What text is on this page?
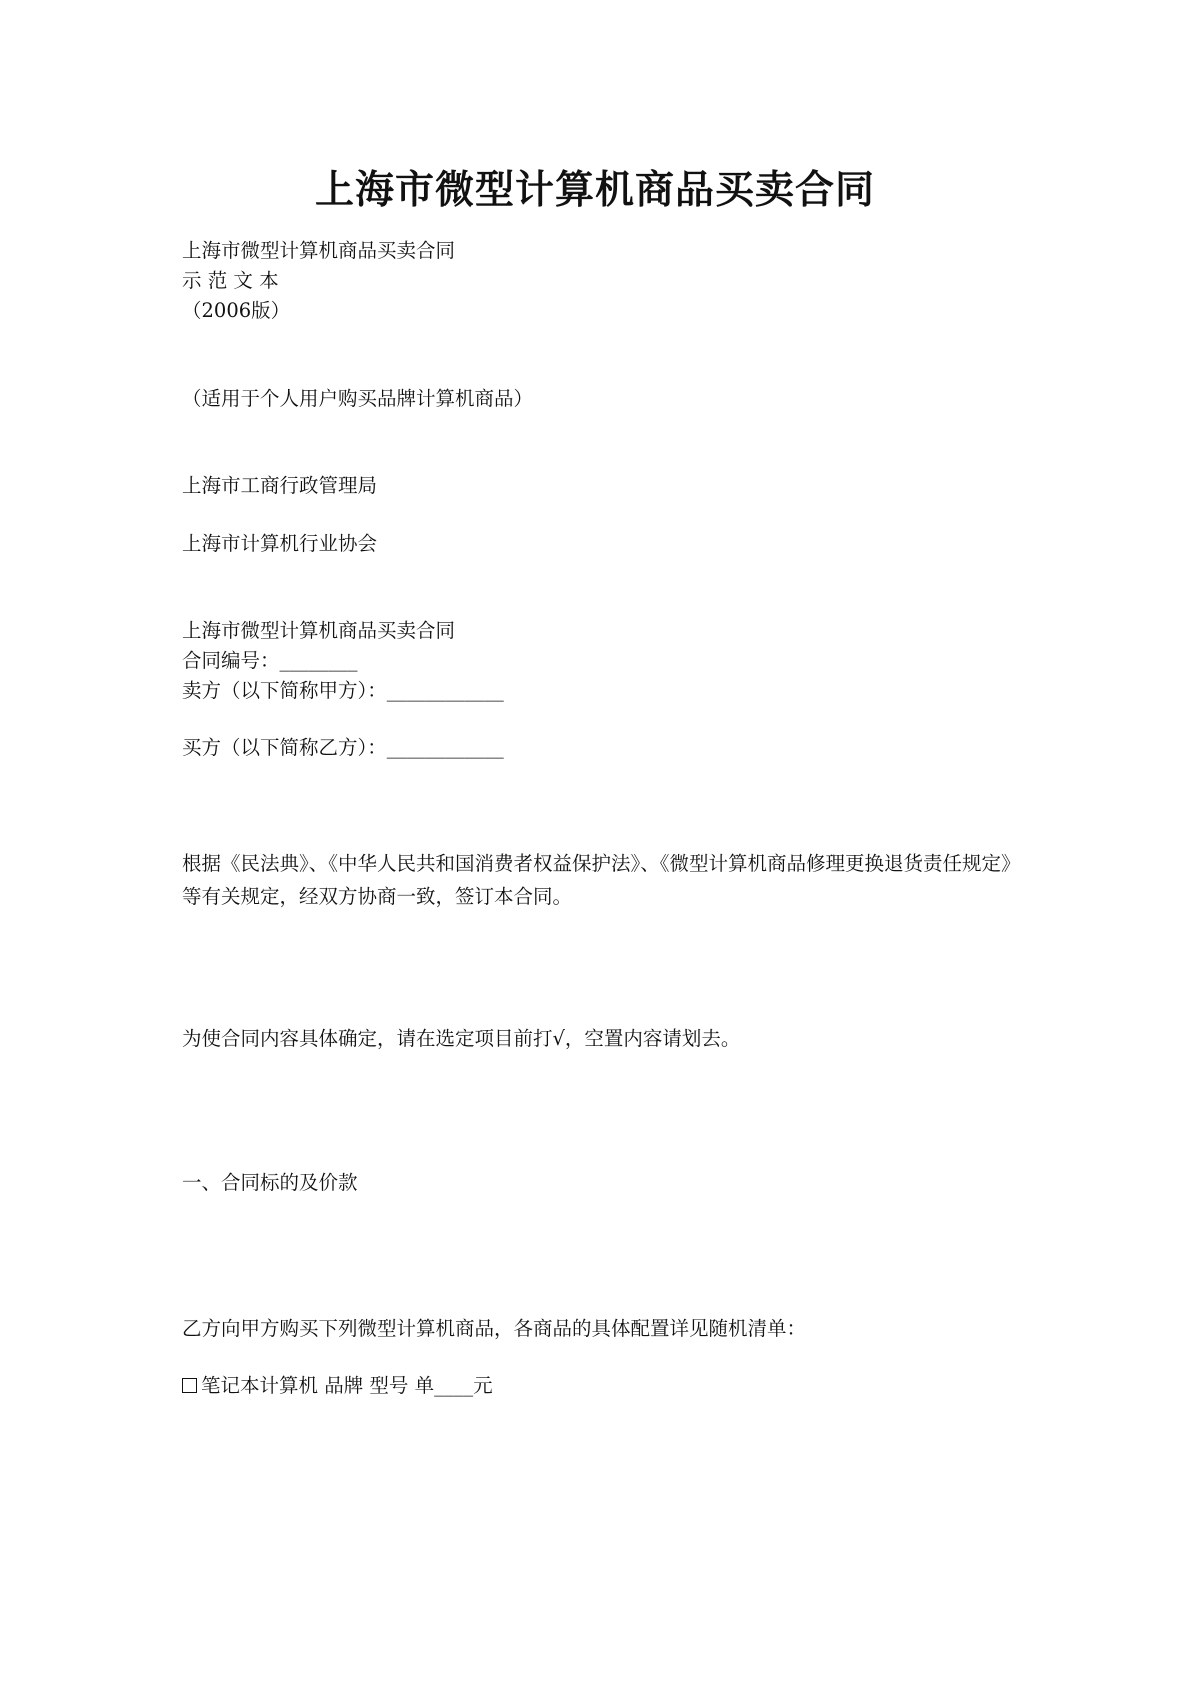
上海市微型计算机商品买卖合同

上海市微型计算机商品买卖合同

示 范 文 本

（2006版）

（适用于个人用户购买品牌计算机商品）

上海市工商行政管理局

上海市计算机行业协会

上海市微型计算机商品买卖合同

合同编号：________

卖方（以下简称甲方）：____________

买方（以下简称乙方）：____________

根据《民法典》、《中华人民共和国消费者权益保护法》、《微型计算机商品修理更换退货责任规定》等有关规定，经双方协商一致，签订本合同。

为使合同内容具体确定，请在选定项目前打√，空置内容请划去。

一、合同标的及价款

乙方向甲方购买下列微型计算机商品，各商品的具体配置详见随机清单：

笔记本计算机 品牌 型号 单____元
